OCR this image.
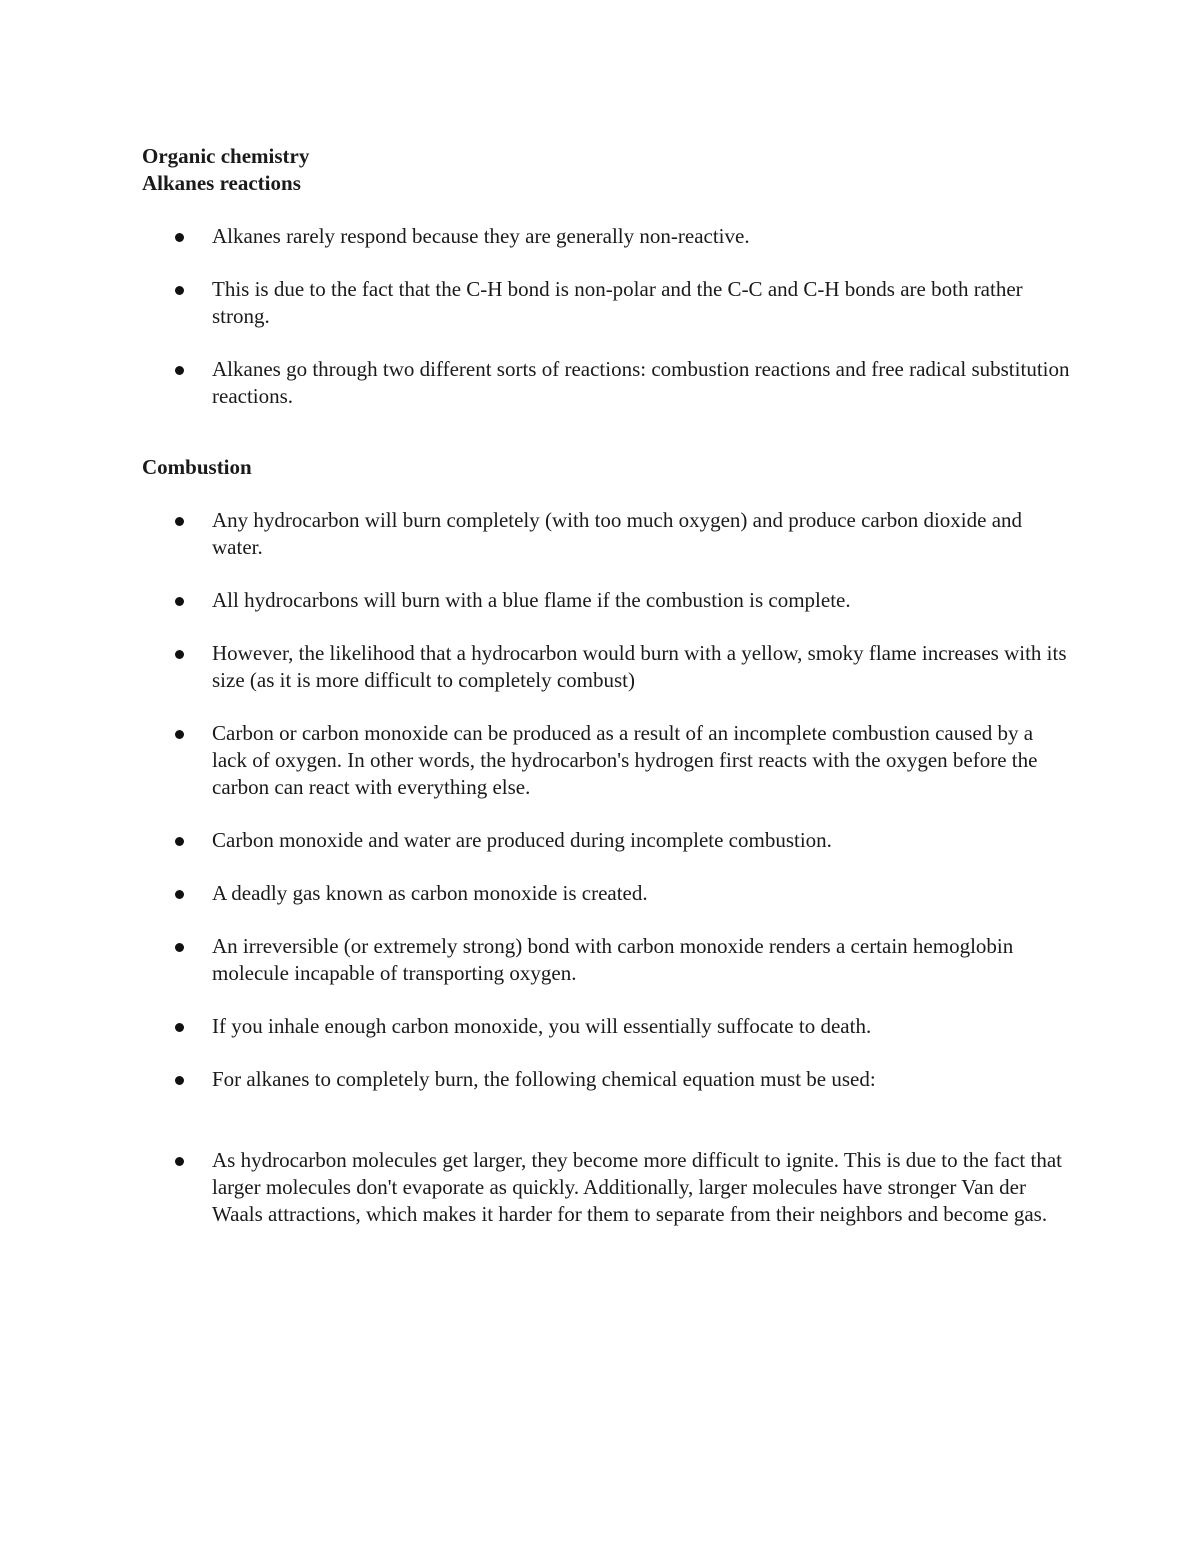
Organic chemistry

Alkanes reactions

Alkanes rarely respond because they are generally non-reactive.
This is due to the fact that the C-H bond is non-polar and the C-C and C-H bonds are both rather strong.
Alkanes go through two different sorts of reactions: combustion reactions and free radical substitution reactions.

Combustion

Any hydrocarbon will burn completely (with too much oxygen) and produce carbon dioxide and water.
All hydrocarbons will burn with a blue flame if the combustion is complete.
However, the likelihood that a hydrocarbon would burn with a yellow, smoky flame increases with its size (as it is more difficult to completely combust)
Carbon or carbon monoxide can be produced as a result of an incomplete combustion caused by a lack of oxygen. In other words, the hydrocarbon's hydrogen first reacts with the oxygen before the carbon can react with everything else.
Carbon monoxide and water are produced during incomplete combustion.
A deadly gas known as carbon monoxide is created.
An irreversible (or extremely strong) bond with carbon monoxide renders a certain hemoglobin molecule incapable of transporting oxygen.
If you inhale enough carbon monoxide, you will essentially suffocate to death.
For alkanes to completely burn, the following chemical equation must be used:
As hydrocarbon molecules get larger, they become more difficult to ignite. This is due to the fact that larger molecules don't evaporate as quickly. Additionally, larger molecules have stronger Van der Waals attractions, which makes it harder for them to separate from their neighbors and become gas.
